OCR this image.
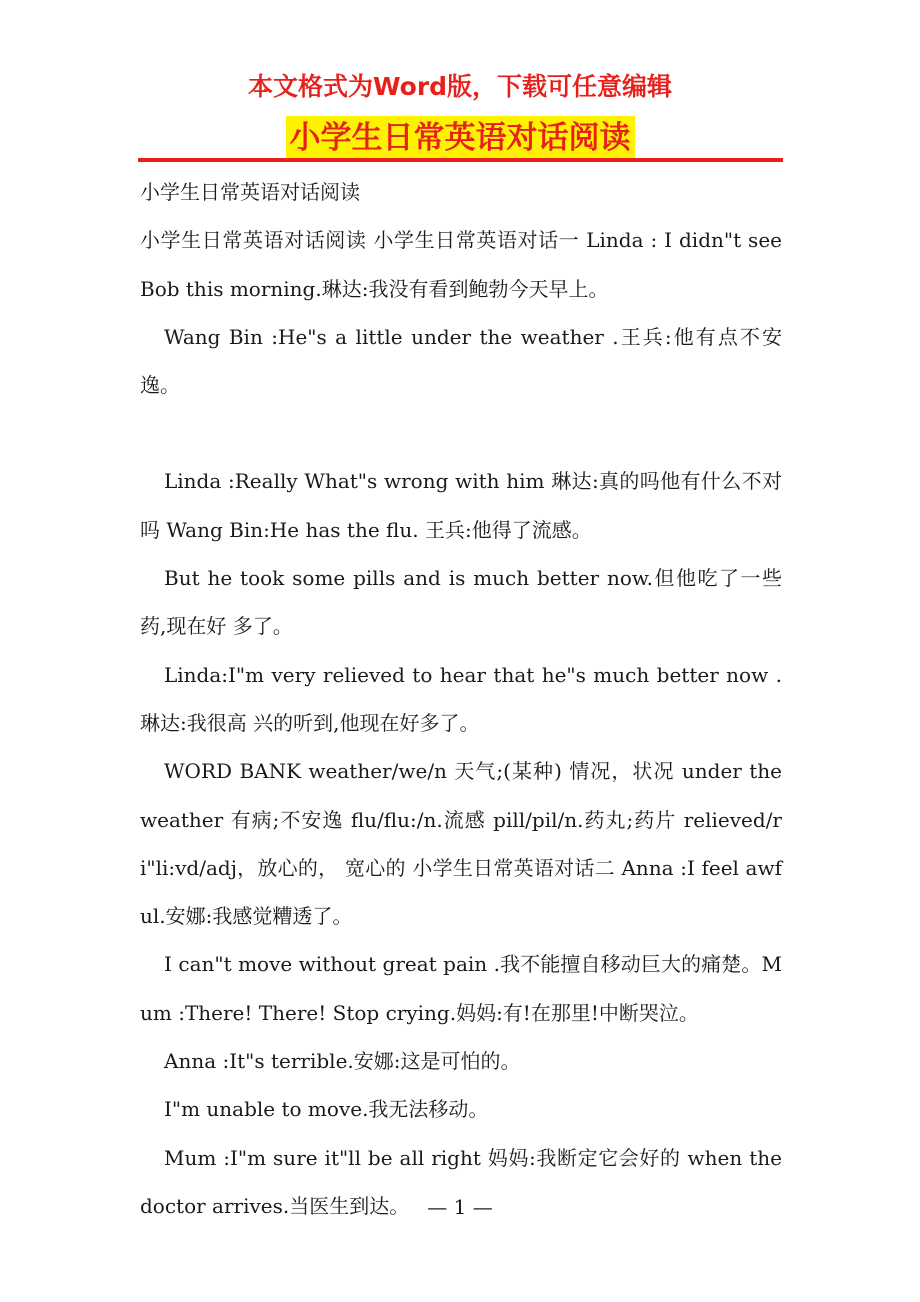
本文格式为Word版，下载可任意编辑
小学生日常英语对话阅读

小学生日常英语对话阅读

小学生日常英语对话阅读 小学生日常英语对话一 Linda : I didn"t see Bob this morning.琳达:我没有看到鲍勃今天早上。

Wang Bin :He"s a little under the weather .王兵:他有点不安逸。

Linda :Really What"s wrong with him 琳达:真的吗他有什么不对吗 Wang Bin:He has the flu. 王兵:他得了流感。

But he took some pills and is much better now.但他吃了一些药,现在好 多了。

Linda:I"m very relieved to hear that he"s much better now .琳达:我很高 兴的听到,他现在好多了。

WORD BANK weather/we/n 天气;(某种) 情况，状况 under the weather 有病;不安逸 flu/flu:/n.流感 pill/pil/n.药丸;药片 relieved/ri"li:vd/adj，放心的， 宽心的 小学生日常英语对话二 Anna :I feel awful.安娜:我感觉糟透了。

I can"t move without great pain .我不能擅自移动巨大的痛楚。Mum :There! There! Stop crying.妈妈:有!在那里!中断哭泣。

Anna :It"s terrible.安娜:这是可怕的。

I"m unable to move.我无法移动。

Mum :I"m sure it"ll be all right 妈妈:我断定它会好的 when the doctor arrives.当医生到达。 — 1 —
